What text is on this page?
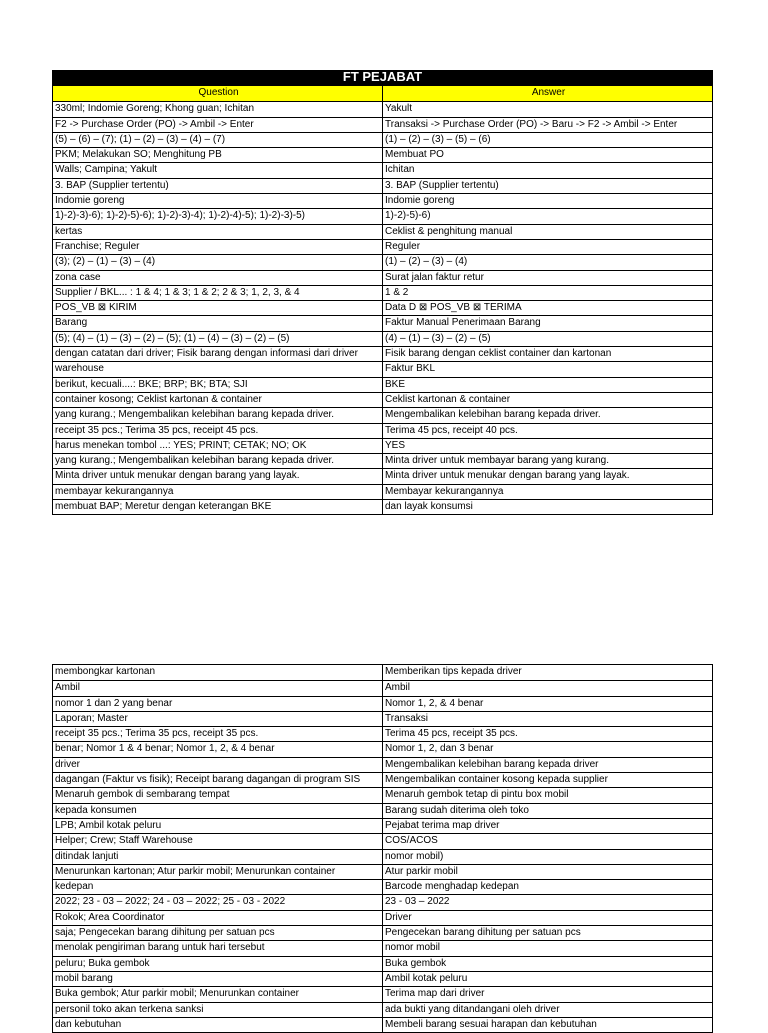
FT PEJABAT
Question	Answer
330ml; Indomie Goreng; Khong guan; Ichitan	Yakult
F2 -> Purchase Order (PO) -> Ambil -> Enter	Transaksi -> Purchase Order (PO) -> Baru -> F2 -> Ambil -> Enter
(5) – (6) – (7); (1) – (2) – (3) – (4) – (7)	(1) – (2) – (3) – (5) – (6)
PKM; Melakukan SO; Menghitung PB	Membuat PO
Walls; Campina; Yakult	Ichitan
3. BAP (Supplier tertentu)	3. BAP (Supplier tertentu)
Indomie goreng	Indomie goreng
1)-2)-3)-6); 1)-2)-5)-6); 1)-2)-3)-4); 1)-2)-4)-5); 1)-2)-3)-5)	1)-2)-5)-6)
kertas	Ceklist & penghitung manual
Franchise; Reguler	Reguler
(3); (2) – (1) – (3) – (4)	(1) – (2) – (3) – (4)
zona case	Surat jalan faktur retur
Supplier / BKL... : 1 & 4; 1 & 3; 1 & 2; 2 & 3; 1, 2, 3, & 4	1 & 2
POS_VB ⊠ KIRIM	Data D ⊠ POS_VB ⊠ TERIMA
Barang	Faktur Manual Penerimaan Barang
(5); (4) – (1) – (3) – (2) – (5); (1) – (4) – (3) – (2) – (5)	(4) – (1) – (3) – (2) – (5)
dengan catatan dari driver; Fisik barang dengan informasi dari driver	Fisik barang dengan ceklist container dan kartonan
warehouse	Faktur BKL
berikut, kecuali....: BKE; BRP; BK; BTA; SJI	BKE
container kosong; Ceklist kartonan & container	Ceklist kartonan & container
yang kurang.; Mengembalikan kelebihan barang kepada driver.	Mengembalikan kelebihan barang kepada driver.
receipt 35 pcs.; Terima 35 pcs, receipt 45 pcs.	Terima 45 pcs, receipt 40 pcs.
harus menekan tombol ...: YES; PRINT; CETAK; NO; OK	YES
yang kurang.; Mengembalikan kelebihan barang kepada driver.	Minta driver untuk membayar barang yang kurang.
Minta driver untuk menukar dengan barang yang layak.	Minta driver untuk menukar dengan barang yang layak.
membayar kekurangannya	Membayar kekurangannya
membuat BAP; Meretur dengan keterangan BKE	dan layak konsumsi
membongkar kartonan	Memberikan tips kepada driver
Ambil	Ambil
nomor 1 dan 2 yang benar	Nomor 1, 2, & 4 benar
Laporan; Master	Transaksi
receipt 35 pcs.; Terima 35 pcs, receipt 35 pcs.	Terima 45 pcs, receipt 35 pcs.
benar; Nomor 1 & 4 benar; Nomor 1, 2, & 4 benar	Nomor 1, 2, dan 3 benar
driver	Mengembalikan kelebihan barang kepada driver
dagangan (Faktur vs fisik); Receipt barang dagangan di program SIS	Mengembalikan container kosong kepada supplier
Menaruh gembok di sembarang tempat	Menaruh gembok tetap di pintu box mobil
kepada konsumen	Barang sudah diterima oleh toko
LPB; Ambil kotak peluru	Pejabat terima map driver
Helper; Crew; Staff Warehouse	COS/ACOS
ditindak lanjuti	nomor mobil)
Menurunkan kartonan; Atur parkir mobil; Menurunkan container	Atur parkir mobil
kedepan	Barcode menghadap kedepan
2022; 23 - 03 – 2022; 24 - 03 – 2022; 25 - 03 - 2022	23 - 03 – 2022
Rokok; Area Coordinator	Driver
saja; Pengecekan barang dihitung per satuan pcs	Pengecekan barang dihitung per satuan pcs
menolak pengiriman barang untuk hari tersebut	nomor mobil
peluru; Buka gembok	Buka gembok
mobil barang	Ambil kotak peluru
Buka gembok; Atur parkir mobil; Menurunkan container	Terima map dari driver
personil toko akan terkena sanksi	ada bukti yang ditandangani oleh driver
dan kebutuhan	Membeli barang sesuai harapan dan kebutuhan
